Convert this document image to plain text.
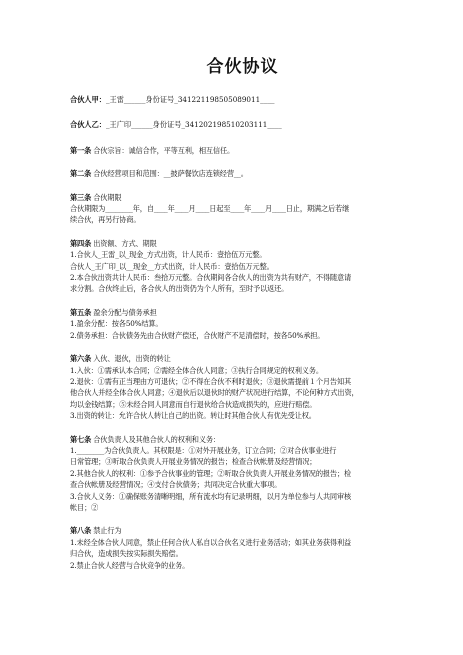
合伙协议
合伙人甲：_王雷______身份证号_341221198505089011____
合伙人乙：_王广印______身份证号_341202198510203111____

第一条 合伙宗旨：诚信合作，平等互利，相互信任。

第二条 合伙经营项目和范围：__披萨餐饮店连锁经营__。

第三条 合伙期限

合伙期限为________年，自____年____月____日起至____年____月____日止，期满之后若继

续合伙，再另行协商。

第四条 出资额、方式、期限

1.合伙人_王雷_以_现金_方式出资，计人民币：壹拾伍万元整。

合伙人_王广印_以__现金__方式出资，计人民币：壹拾伍万元整。

2.本合伙出资共计人民币：叁拾万元整。合伙期间各合伙人的出资为共有财产，不得随意请

求分割。合伙终止后，各合伙人的出资仍为个人所有，至时予以返还。

第五条 盈余分配与债务承担

1.盈余分配：按各50%结算。

2.债务承担：合伙债务先由合伙财产偿还，合伙财产不足清偿时，按各50%承担。

第六条 入伙、退伙，出资的转让

1.入伙：①需承认本合同；②需经全体合伙人同意；③执行合同规定的权利义务。

2.退伙：①需有正当理由方可退伙；②不得在合伙不利时退伙；③退伙需提前１个月告知其

他合伙人并经全体合伙人同意；④退伙后以退伙时的财产状况进行结算，不论何种方式出资，

均以金钱结算；⑤未经合同人同意而自行退伙给合伙造成损失的，应进行赔偿。

3.出资的转让：允许合伙人转让自己的出资。转让时其他合伙人有优先受让权。

第七条 合伙负责人及其他合伙人的权利和义务：

1.________为合伙负责人。其权限是：①对外开展业务，订立合同；②对合伙事业进行

日常管理；③听取合伙负责人开展业务情况的报告；检查合伙帐册及经营情况；

2.其他合伙人的权利：①参予合伙事业的管理；②听取合伙负责人开展业务情况的报告；检

查合伙帐册及经营情况；④支付合伙债务；共同决定合伙重大事项。

3.合伙人义务：①确保账务清晰明细，所有流水均有记录明细，以月为单位参与人共同审核

帐目；②

第八条 禁止行为

1.未经全体合伙人同意，禁止任何合伙人私自以合伙名义进行业务活动；如其业务获得利益

归合伙，造成损失按实际损失赔偿。

2.禁止合伙人经营与合伙竞争的业务。
